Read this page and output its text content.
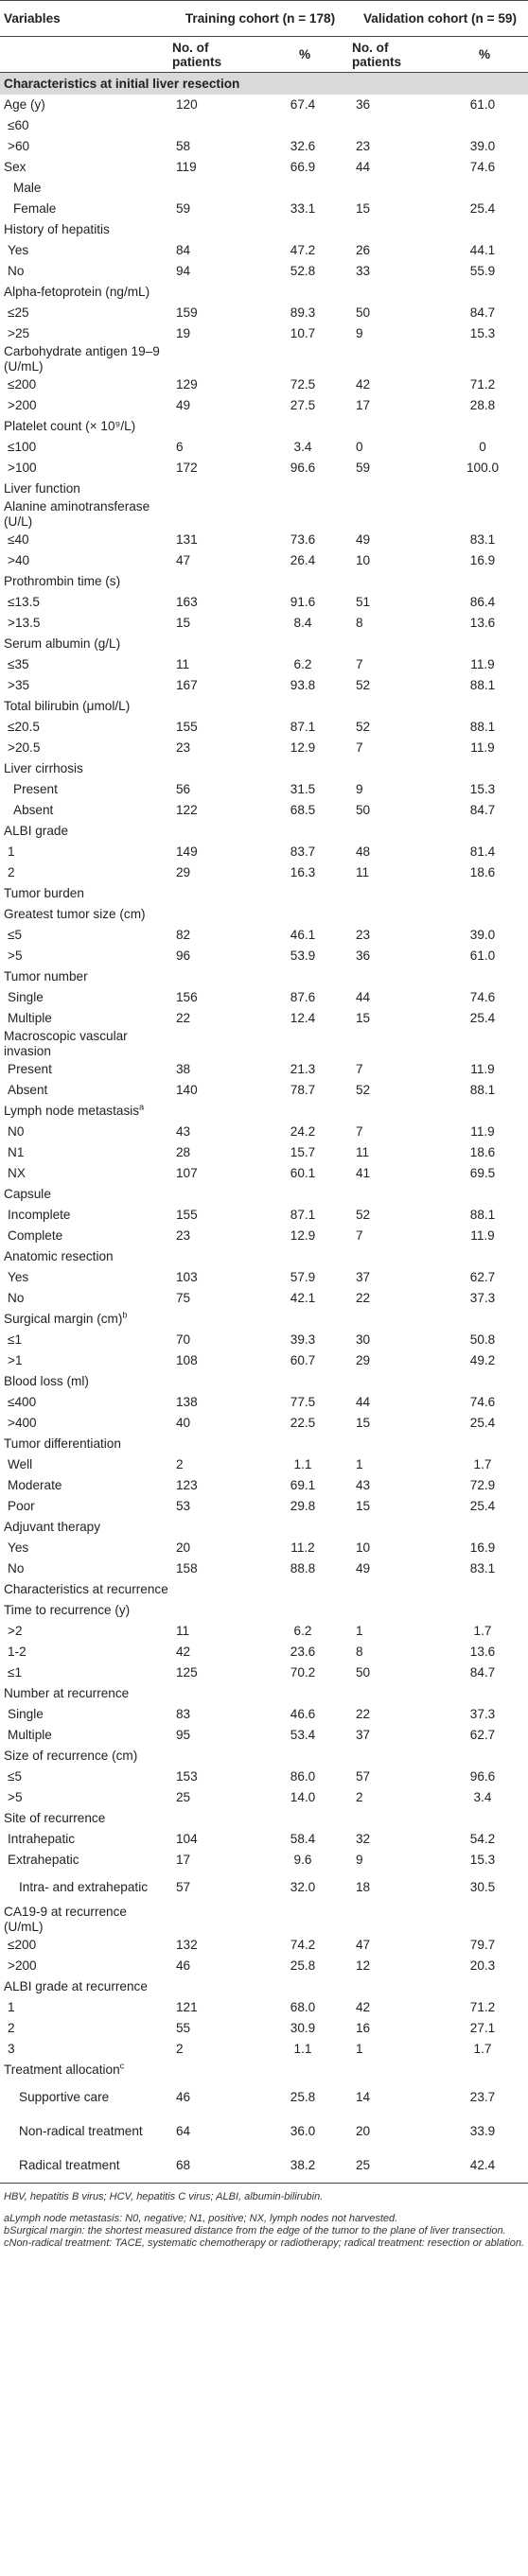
Variables	Training cohort (n = 178)		Validation cohort (n = 59)	
	No. of patients	%	No. of patients	%
Characteristics at initial liver resection				
Age (y)	120	67.4	36	61.0
≤60				
>60	58	32.6	23	39.0
Sex	119	66.9	44	74.6
Male				
Female	59	33.1	15	25.4
History of hepatitis				
Yes	84	47.2	26	44.1
No	94	52.8	33	55.9
Alpha-fetoprotein (ng/mL)				
≤25	159	89.3	50	84.7
>25	19	10.7	9	15.3
Carbohydrate antigen 19–9 (U/mL)				
≤200	129	72.5	42	71.2
>200	49	27.5	17	28.8
Platelet count (× 10⁹/L)				
≤100	6	3.4	0	0
>100	172	96.6	59	100.0
Liver function				
Alanine aminotransferase (U/L)				
≤40	131	73.6	49	83.1
>40	47	26.4	10	16.9
Prothrombin time (s)				
≤13.5	163	91.6	51	86.4
>13.5	15	8.4	8	13.6
Serum albumin (g/L)				
≤35	11	6.2	7	11.9
>35	167	93.8	52	88.1
Total bilirubin (μmol/L)				
≤20.5	155	87.1	52	88.1
>20.5	23	12.9	7	11.9
Liver cirrhosis				
Present	56	31.5	9	15.3
Absent	122	68.5	50	84.7
ALBI grade				
1	149	83.7	48	81.4
2	29	16.3	11	18.6
Tumor burden				
Greatest tumor size (cm)				
≤5	82	46.1	23	39.0
>5	96	53.9	36	61.0
Tumor number				
Single	156	87.6	44	74.6
Multiple	22	12.4	15	25.4
Macroscopic vascular invasion				
Present	38	21.3	7	11.9
Absent	140	78.7	52	88.1
Lymph node metastasis$^a$				
N0	43	24.2	7	11.9
N1	28	15.7	11	18.6
NX	107	60.1	41	69.5
Capsule				
Incomplete	155	87.1	52	88.1
Complete	23	12.9	7	11.9
Anatomic resection				
Yes	103	57.9	37	62.7
No	75	42.1	22	37.3
Surgical margin (cm)$^b$				
≤1	70	39.3	30	50.8
>1	108	60.7	29	49.2
Blood loss (ml)				
≤400	138	77.5	44	74.6
>400	40	22.5	15	25.4
Tumor differentiation				
Well	2	1.1	1	1.7
Moderate	123	69.1	43	72.9
Poor	53	29.8	15	25.4
Adjuvant therapy				
Yes	20	11.2	10	16.9
No	158	88.8	49	83.1
Characteristics at recurrence				
Time to recurrence (y)				
>2	11	6.2	1	1.7
1-2	42	23.6	8	13.6
≤1	125	70.2	50	84.7
Number at recurrence				
Single	83	46.6	22	37.3
Multiple	95	53.4	37	62.7
Size of recurrence (cm)				
≤5	153	86.0	57	96.6
>5	25	14.0	2	3.4
Site of recurrence				
Intrahepatic	104	58.4	32	54.2
Extrahepatic	17	9.6	9	15.3
Intra- and extrahepatic	57	32.0	18	30.5
CA19-9 at recurrence (U/mL)				
≤200	132	74.2	47	79.7
>200	46	25.8	12	20.3
ALBI grade at recurrence				
1	121	68.0	42	71.2
2	55	30.9	16	27.1
3	2	1.1	1	1.7
Treatment allocation$^c$				
Supportive care	46	25.8	14	23.7
Non-radical treatment	64	36.0	20	33.9
Radical treatment	68	38.2	25	42.4
HBV, hepatitis B virus; HCV, hepatitis C virus; ALBI, albumin-bilirubin.
aLymph node metastasis: N0, negative; N1, positive; NX, lymph nodes not harvested.
bSurgical margin: the shortest measured distance from the edge of the tumor to the plane of liver transection.
cNon-radical treatment: TACE, systematic chemotherapy or radiotherapy; radical treatment: resection or ablation.
